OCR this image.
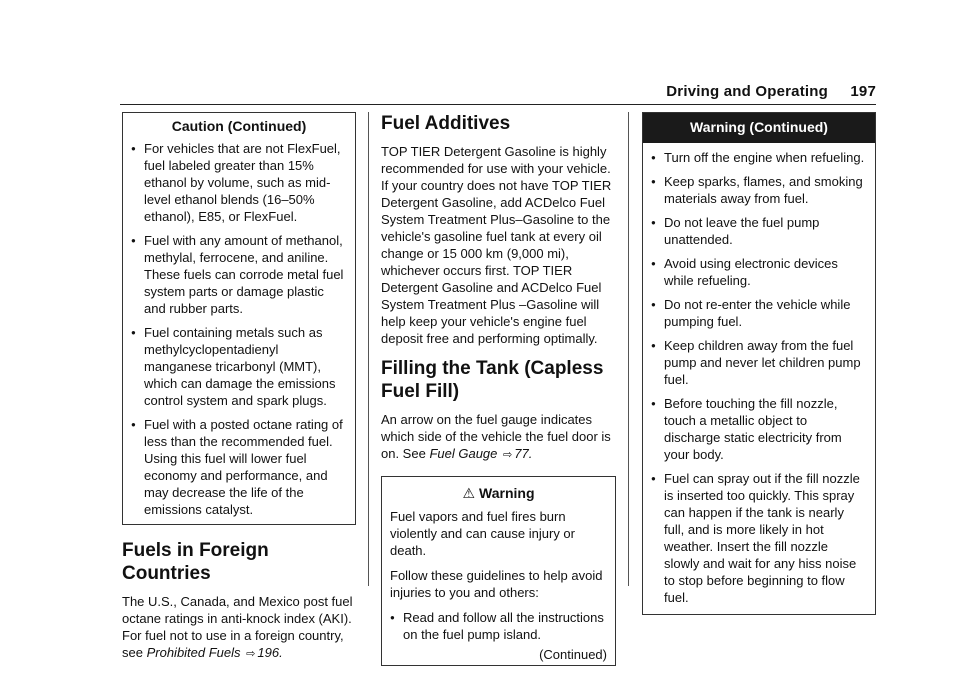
Driving and Operating 197
Caution (Continued)
● For vehicles that are not FlexFuel, fuel labeled greater than 15% ethanol by volume, such as mid-level ethanol blends (16–50% ethanol), E85, or FlexFuel.
● Fuel with any amount of methanol, methylal, ferrocene, and aniline. These fuels can corrode metal fuel system parts or damage plastic and rubber parts.
● Fuel containing metals such as methylcyclopentadienyl manganese tricarbonyl (MMT), which can damage the emissions control system and spark plugs.
● Fuel with a posted octane rating of less than the recommended fuel. Using this fuel will lower fuel economy and performance, and may decrease the life of the emissions catalyst.
Fuels in Foreign Countries

The U.S., Canada, and Mexico post fuel octane ratings in anti-knock index (AKI). For fuel not to use in a foreign country, see Prohibited Fuels ⇨ 196.

Fuel Additives

TOP TIER Detergent Gasoline is highly recommended for use with your vehicle. If your country does not have TOP TIER Detergent Gasoline, add ACDelco Fuel System Treatment Plus–Gasoline to the vehicle's gasoline fuel tank at every oil change or 15 000 km (9,000 mi), whichever occurs first. TOP TIER Detergent Gasoline and ACDelco Fuel System Treatment Plus –Gasoline will help keep your vehicle's engine fuel deposit free and performing optimally.

Filling the Tank (Capless Fuel Fill)

An arrow on the fuel gauge indicates which side of the vehicle the fuel door is on. See Fuel Gauge ⇨ 77.

⚠ Warning

Fuel vapors and fuel fires burn violently and can cause injury or death.

Follow these guidelines to help avoid injuries to you and others:

● Read and follow all the instructions on the fuel pump island.
(Continued)
Warning (Continued)
● Turn off the engine when refueling.
● Keep sparks, flames, and smoking materials away from fuel.
● Do not leave the fuel pump unattended.
● Avoid using electronic devices while refueling.
● Do not re-enter the vehicle while pumping fuel.
● Keep children away from the fuel pump and never let children pump fuel.
● Before touching the fill nozzle, touch a metallic object to discharge static electricity from your body.
● Fuel can spray out if the fill nozzle is inserted too quickly. This spray can happen if the tank is nearly full, and is more likely in hot weather. Insert the fill nozzle slowly and wait for any hiss noise to stop before beginning to flow fuel.
